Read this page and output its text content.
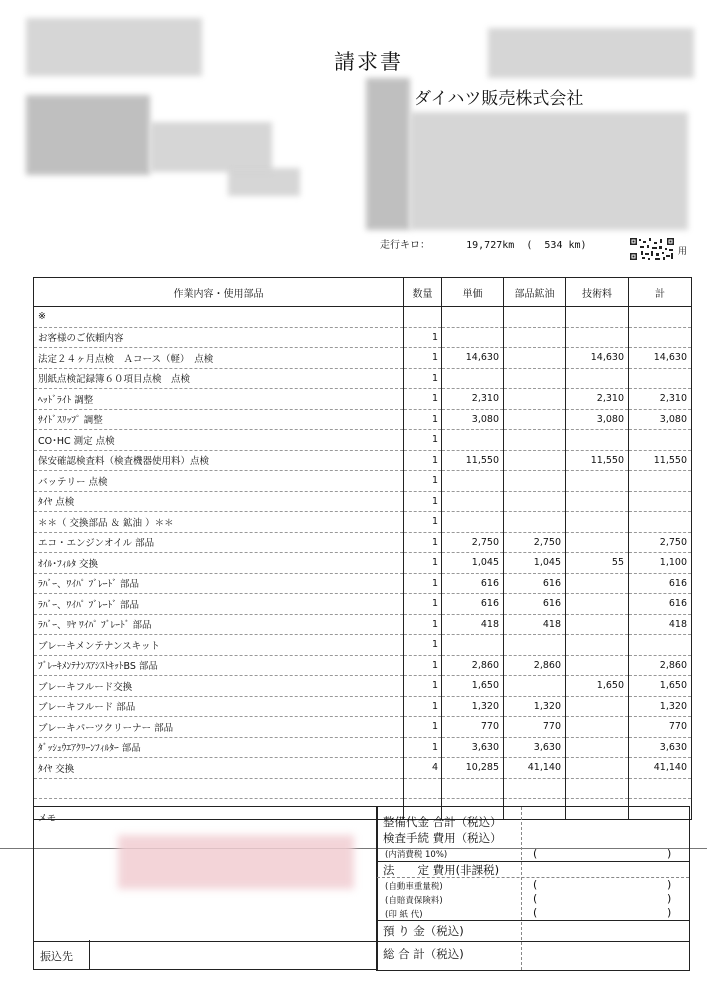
請求書
ダイハツ販売株式会社
走行キロ：	19,727km (  534 km)
用
作業内容・使用部品	数量	単価	部品鉱油	技術料	計
※					
お客様のご依頼内容	1				
法定２４ヶ月点検　Ａコース（軽）　点検	1	14,630		14,630	14,630
別紙点検記録簿６０項目点検　点検	1				
ﾍｯﾄﾞﾗｲﾄ 調整	1	2,310		2,310	2,310
ｻｲﾄﾞｽﾘｯﾌﾟ 調整	1	3,080		3,080	3,080
CO･HC 測定 点検	1				
保安確認検査料（検査機器使用料）点検	1	11,550		11,550	11,550
バッテリー 点検	1				
ﾀｲﾔ 点検	1				
＊＊（ 交換部品 ＆ 鉱油 ）＊＊	1				
エコ・エンジンオイル 部品	1	2,750	2,750		2,750
ｵｲﾙ･ﾌｨﾙﾀ 交換	1	1,045	1,045	55	1,100
ﾗﾊﾞｰ、ﾜｲﾊﾟ ﾌﾞﾚｰﾄﾞ 部品	1	616	616		616
ﾗﾊﾞｰ、ﾜｲﾊﾟ ﾌﾞﾚｰﾄﾞ 部品	1	616	616		616
ﾗﾊﾞｰ、ﾘﾔ ﾜｲﾊﾟ ﾌﾞﾚｰﾄﾞ 部品	1	418	418		418
ブレーキメンテナンスキット	1				
ﾌﾞﾚｰｷﾒﾝﾃﾅﾝｽｱｼｽﾄｷｯﾄBS 部品	1	2,860	2,860		2,860
ブレーキフルード交換	1	1,650		1,650	1,650
ブレーキフルード 部品	1	1,320	1,320		1,320
ブレーキパーツクリーナー 部品	1	770	770		770
ﾀﾞｯｼｭｳｴｱｸﾘｰﾝﾌｨﾙﾀｰ 部品	1	3,630	3,630		3,630
ﾀｲﾔ 交換	4	10,285	41,140		41,140

メモ
振込先
整備代金 合計（税込）
検査手続 費用（税込）
(内消費税 10%)	(	)
法　　定 費用(非課税)
(自動車重量税)	(	)
(自賠責保険料)	(	)
(印 紙 代)	(	)
預 り 金（税込)
総 合 計（税込)
